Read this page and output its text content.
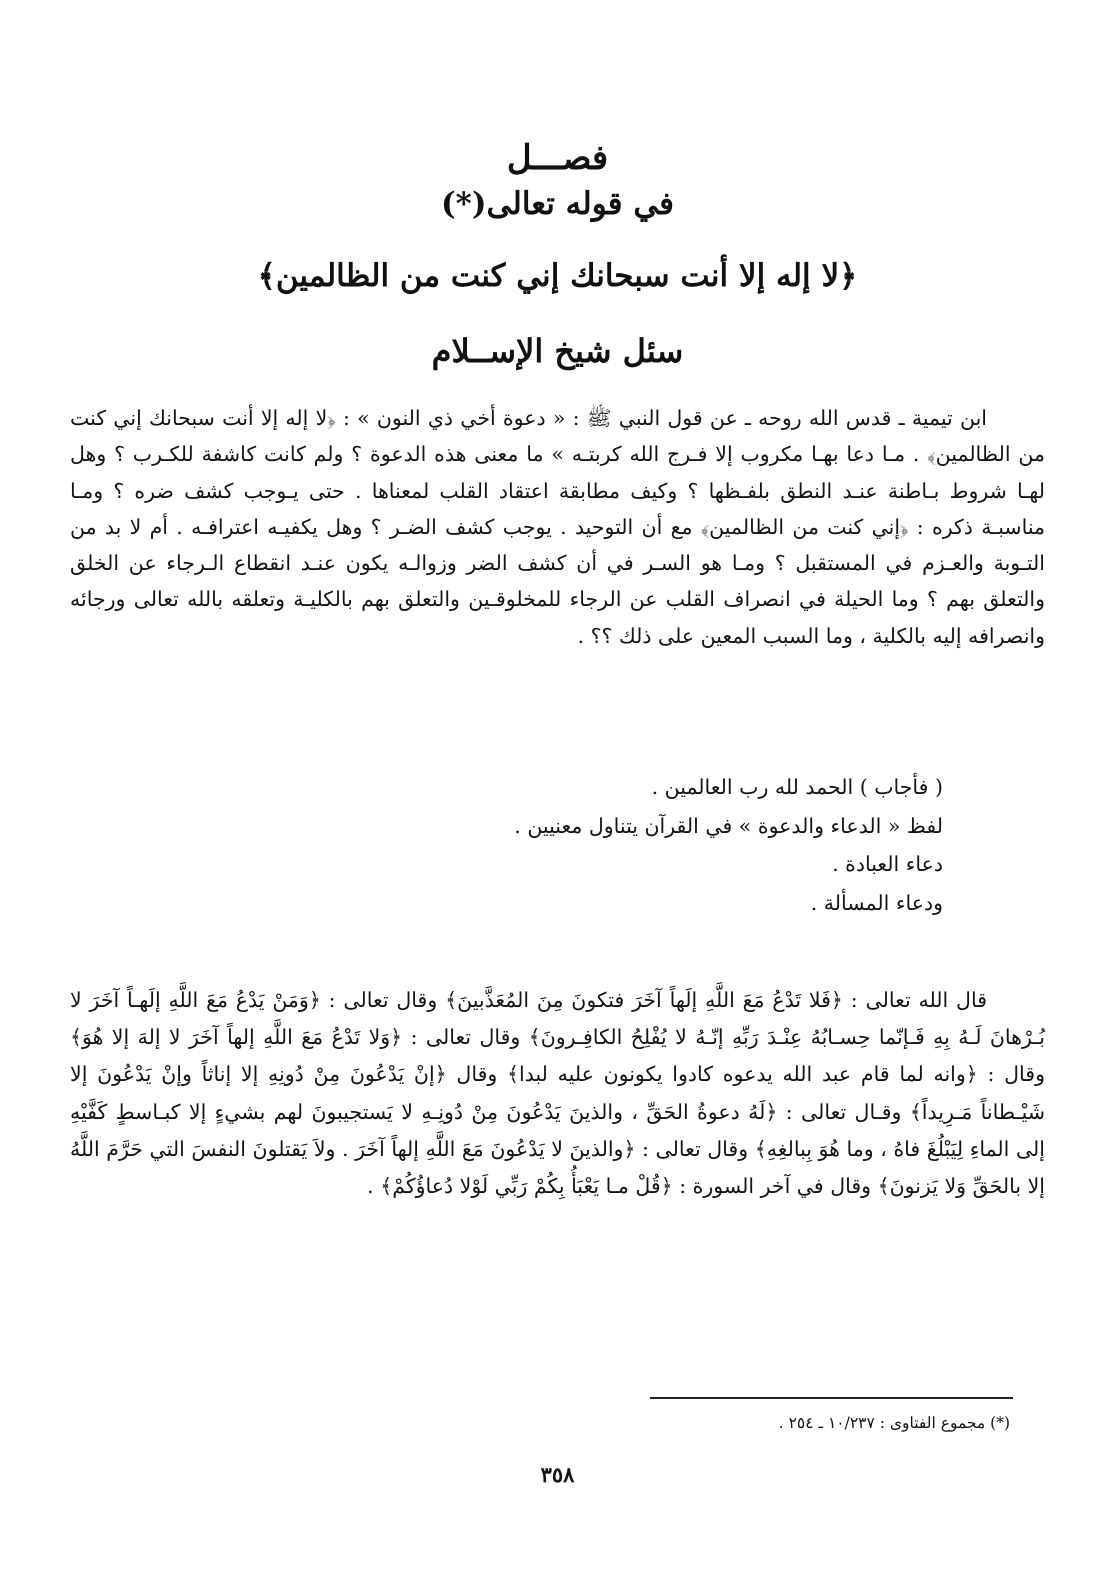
فصـــل
في قوله تعالى(*)
﴿لا إله إلا أنت سبحانك إني كنت من الظالمين﴾
سئل شيخ الإســلام

ابن تيمية ـ قدس الله روحه ـ عن قول النبي ﷺ : « دعوة أخي ذي النون » : ﴿لا إله إلا أنت سبحانك إني كنت من الظالمين﴾ . مـا دعا بهـا مكروب إلا فـرج الله كربتـه » ما معنى هذه الدعوة ؟ ولم كانت كاشفة للكـرب ؟ وهل لهـا شروط بـاطنة عنـد النطق بلفـظها ؟ وكيف مطابقة اعتقاد القلب لمعناها . حتى يـوجب كشف ضره ؟ ومـا مناسبـة ذكره : ﴿إني كنت من الظالمين﴾ مع أن التوحيد . يوجب كشف الضـر ؟ وهل يكفيـه اعترافـه . أم لا بد من التـوبة والعـزم في المستقبل ؟ ومـا هو السـر في أن كشف الضر وزوالـه يكون عنـد انقطاع الـرجاء عن الخلق والتعلق بهم ؟ وما الحيلة في انصراف القلب عن الرجاء للمخلوقـين والتعلق بهم بالكليـة وتعلقه بالله تعالى ورجائه وانصرافه إليه بالكلية ، وما السبب المعين على ذلك ؟؟ .

( فأجاب ) الحمد لله رب العالمين .
لفظ « الدعاء والدعوة » في القرآن يتناول معنيين .
دعاء العبادة .
ودعاء المسألة .

قال الله تعالى : ﴿فَلا تَدْعُ مَعَ اللَّهِ إلَهاً آخَرَ فتكونَ مِنَ المُعَذَّبينَ﴾ وقال تعالى : ﴿وَمَنْ يَدْعُ مَعَ اللَّهِ إلَهـاً آخَرَ لا بُـرْهانَ لَـهُ بِهِ فَـإنّما حِسـابُهُ عِنْـدَ رَبِّهِ إنّـهُ لا يُفْلِحُ الكافِـرونَ﴾ وقال تعالى : ﴿وَلا تَدْعُ مَعَ اللَّهِ إلهاً آخَرَ لا إلهَ إلا هُوَ﴾ وقال : ﴿وانه لما قام عبد الله يدعوه كادوا يكونون عليه لبدا﴾ وقال ﴿إنْ يَدْعُونَ مِنْ دُونِهِ إلا إناثاً وإنْ يَدْعُونَ إلا شَيْـطاناً مَـرِيداً﴾ وقـال تعالى : ﴿لَهُ دعوةُ الحَقِّ ، والذينَ يَدْعُونَ مِنْ دُونِـهِ لا يَستجيبونَ لهم بشيءٍ إلا كبـاسطٍ كَفَّيْهِ إلى الماءِ لِيَبْلُغَ فاهُ ، وما هُوَ بِبالغِهِ﴾ وقال تعالى : ﴿والذينَ لا يَدْعُونَ مَعَ اللَّهِ إلهاً آخَرَ . ولاَ يَقتلونَ النفسَ التي حَرَّمَ اللَّهُ إلا بالحَقِّ وَلا يَزنونَ﴾ وقال في آخر السورة : ﴿قُلْ مـا يَعْبَأُ بِكُمْ رَبِّي لَوْلا دُعاؤُكُمْ﴾ .

(*) مجموع الفتاوى : ١٠/٢٣٧ ـ ٢٥٤ .
٣٥٨
